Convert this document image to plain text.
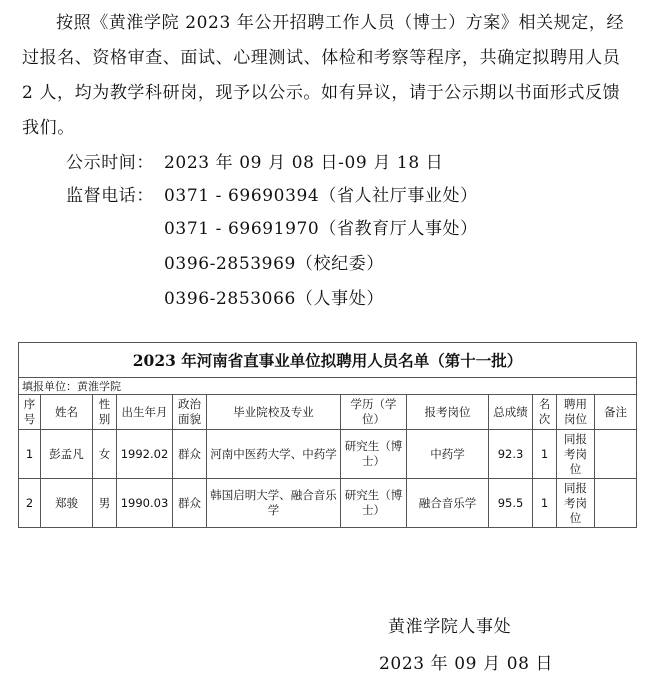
按照《黄淮学院 2023 年公开招聘工作人员（博士）方案》相关规定，经过报名、资格审查、面试、心理测试、体检和考察等程序，共确定拟聘用人员 2 人，均为教学科研岗，现予以公示。如有异议，请于公示期以书面形式反馈我们。
公示时间： 2023 年 09 月 08 日-09 月 18 日
监督电话： 0371 - 69690394（省人社厅事业处）
0371 - 69691970（省教育厅人事处）
0396-2853969（校纪委）
0396-2853066（人事处）
2023 年河南省直事业单位拟聘用人员名单（第十一批）											
填报单位：黄淮学院											
序号	姓名	性别	出生年月	政治面貌	毕业院校及专业	学历（学位）	报考岗位	总成绩	名次	聘用岗位	备注
1	彭孟凡	女	1992.02	群众	河南中医药大学、中药学	研究生（博士）	中药学	92.3	1	同报考岗位	
2	郑骏	男	1990.03	群众	韩国启明大学、融合音乐学	研究生（博士）	融合音乐学	95.5	1	同报考岗位	
黄淮学院人事处
2023 年 09 月 08 日
